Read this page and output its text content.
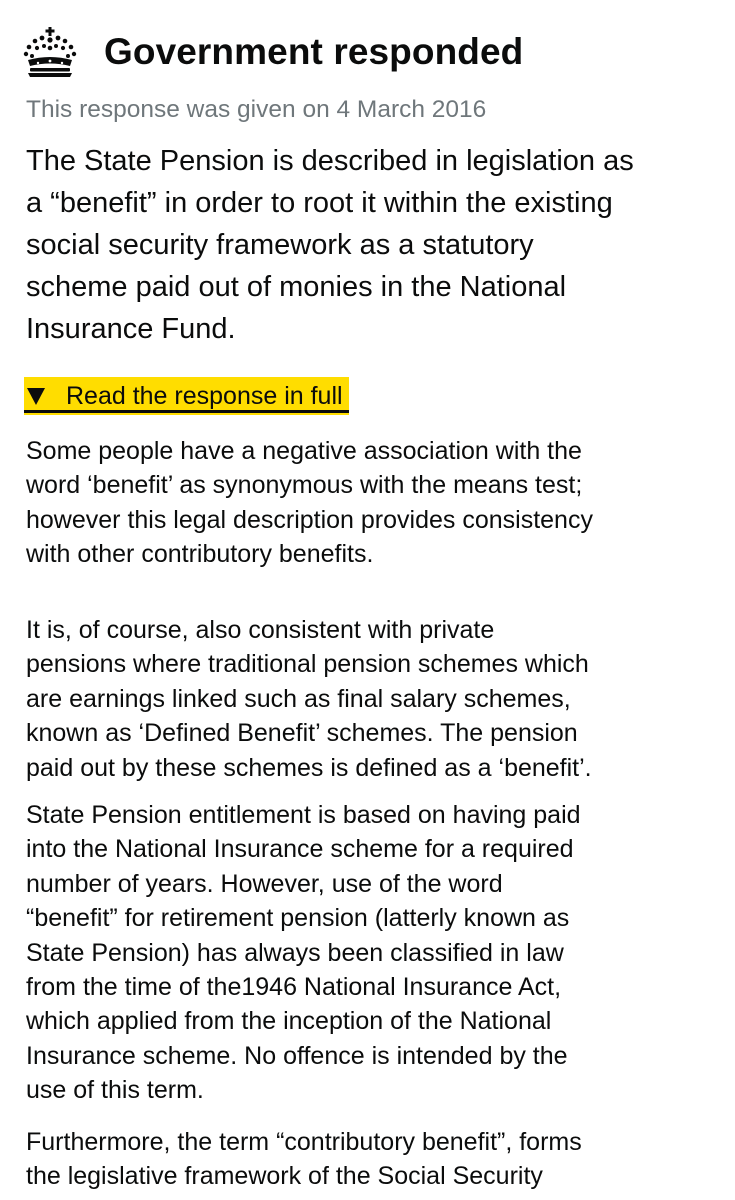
Government responded
This response was given on 4 March 2016
The State Pension is described in legislation as
a “benefit” in order to root it within the existing
social security framework as a statutory
scheme paid out of monies in the National
Insurance Fund.
Read the response in full
Some people have a negative association with the
word ‘benefit’ as synonymous with the means test;
however this legal description provides consistency
with other contributory benefits.
It is, of course, also consistent with private
pensions where traditional pension schemes which
are earnings linked such as final salary schemes,
known as ‘Defined Benefit’ schemes. The pension
paid out by these schemes is defined as a ‘benefit’.
State Pension entitlement is based on having paid
into the National Insurance scheme for a required
number of years. However, use of the word
“benefit” for retirement pension (latterly known as
State Pension) has always been classified in law
from the time of the1946 National Insurance Act,
which applied from the inception of the National
Insurance scheme. No offence is intended by the
use of this term.
Furthermore, the term “contributory benefit”, forms
the legislative framework of the Social Security
